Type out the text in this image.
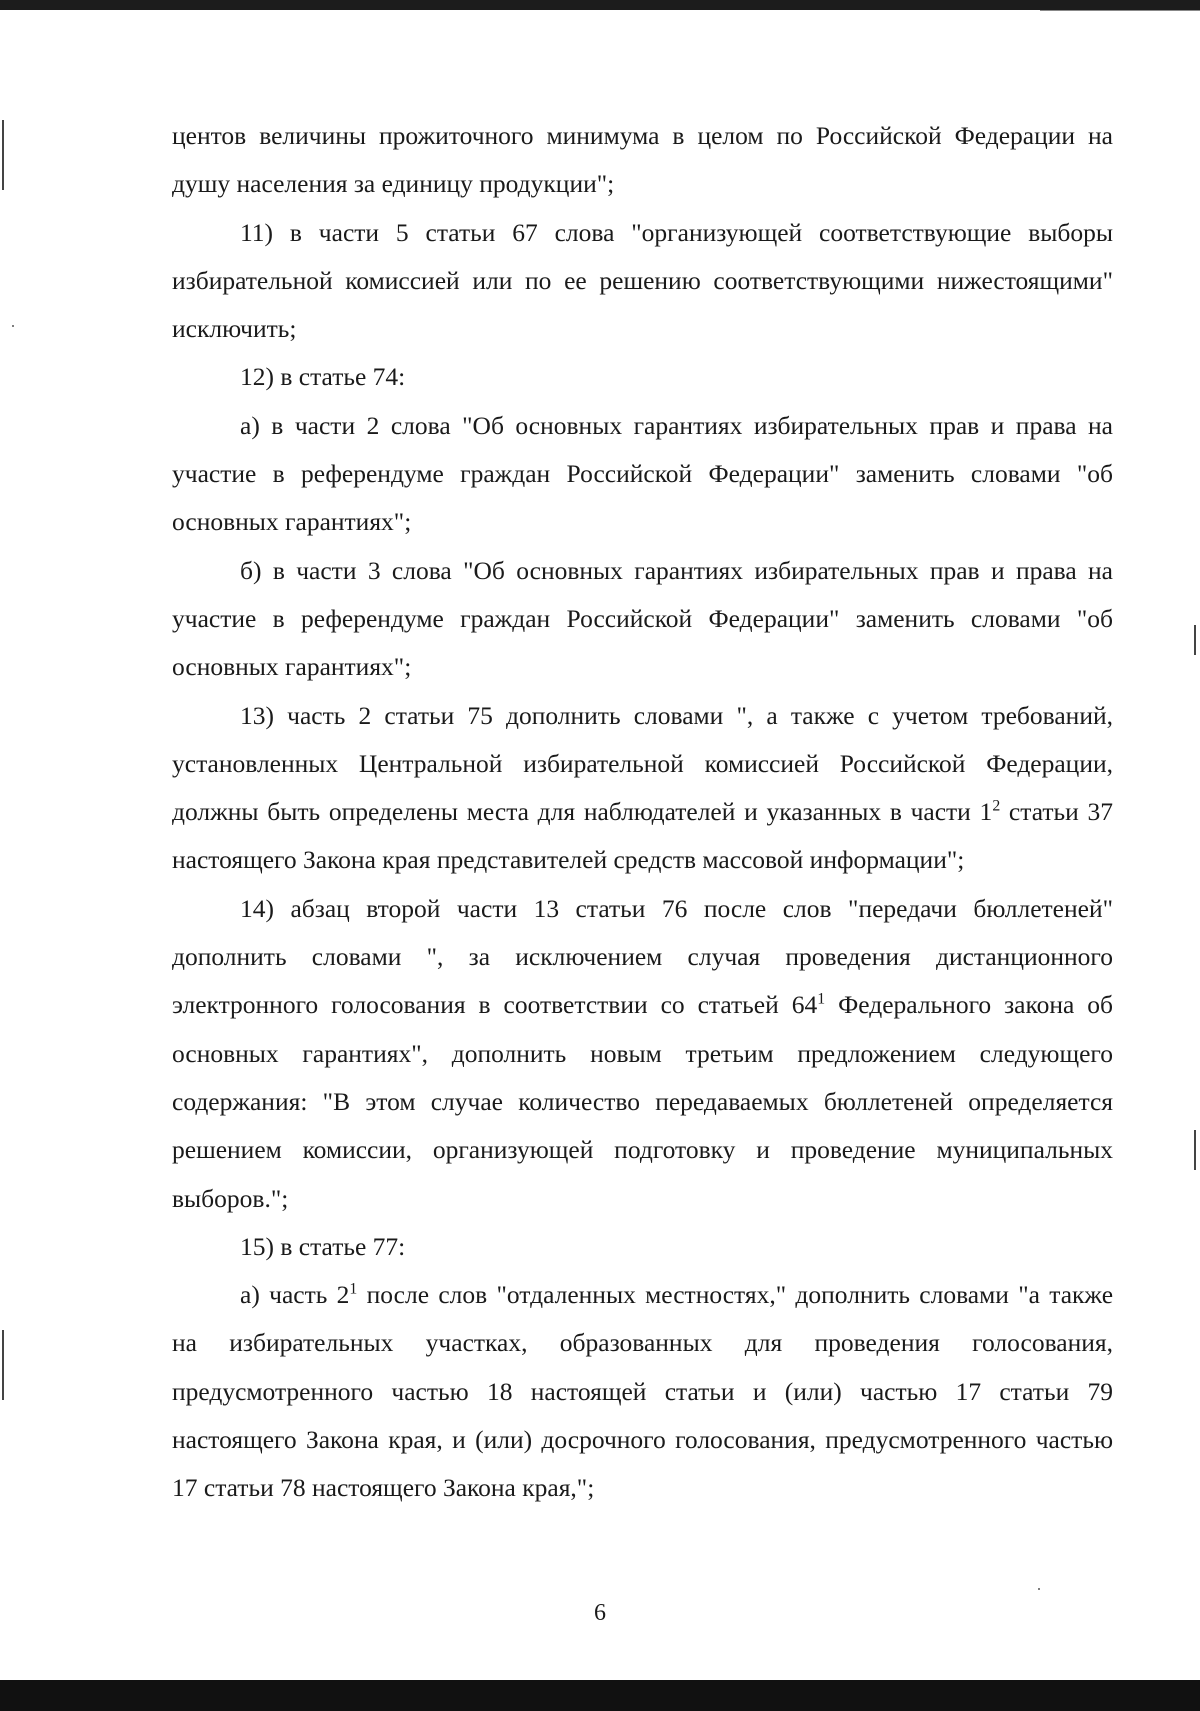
центов величины прожиточного минимума в целом по Российской Федерации на душу населения за единицу продукции";

11) в части 5 статьи 67 слова "организующей соответствующие выборы избирательной комиссией или по ее решению соответствующими нижестоящими" исключить;

12) в статье 74:

а) в части 2 слова "Об основных гарантиях избирательных прав и права на участие в референдуме граждан Российской Федерации" заменить словами "об основных гарантиях";

б) в части 3 слова "Об основных гарантиях избирательных прав и права на участие в референдуме граждан Российской Федерации" заменить словами "об основных гарантиях";

13) часть 2 статьи 75 дополнить словами ", а также с учетом требований, установленных Центральной избирательной комиссией Российской Федерации, должны быть определены места для наблюдателей и указанных в части $1^2$ статьи 37 настоящего Закона края представителей средств массовой информации";

14) абзац второй части 13 статьи 76 после слов "передачи бюллетеней" дополнить словами ", за исключением случая проведения дистанционного электронного голосования в соответствии со статьей $64^1$ Федерального закона об основных гарантиях", дополнить новым третьим предложением следующего содержания: "В этом случае количество передаваемых бюллетеней определяется решением комиссии, организующей подготовку и проведение муниципальных выборов.";

15) в статье 77:

а) часть $2^1$ после слов "отдаленных местностях," дополнить словами "а также на избирательных участках, образованных для проведения голосования, предусмотренного частью 18 настоящей статьи и (или) частью 17 статьи 79 настоящего Закона края, и (или) досрочного голосования, предусмотренного частью 17 статьи 78 настоящего Закона края,";

6
